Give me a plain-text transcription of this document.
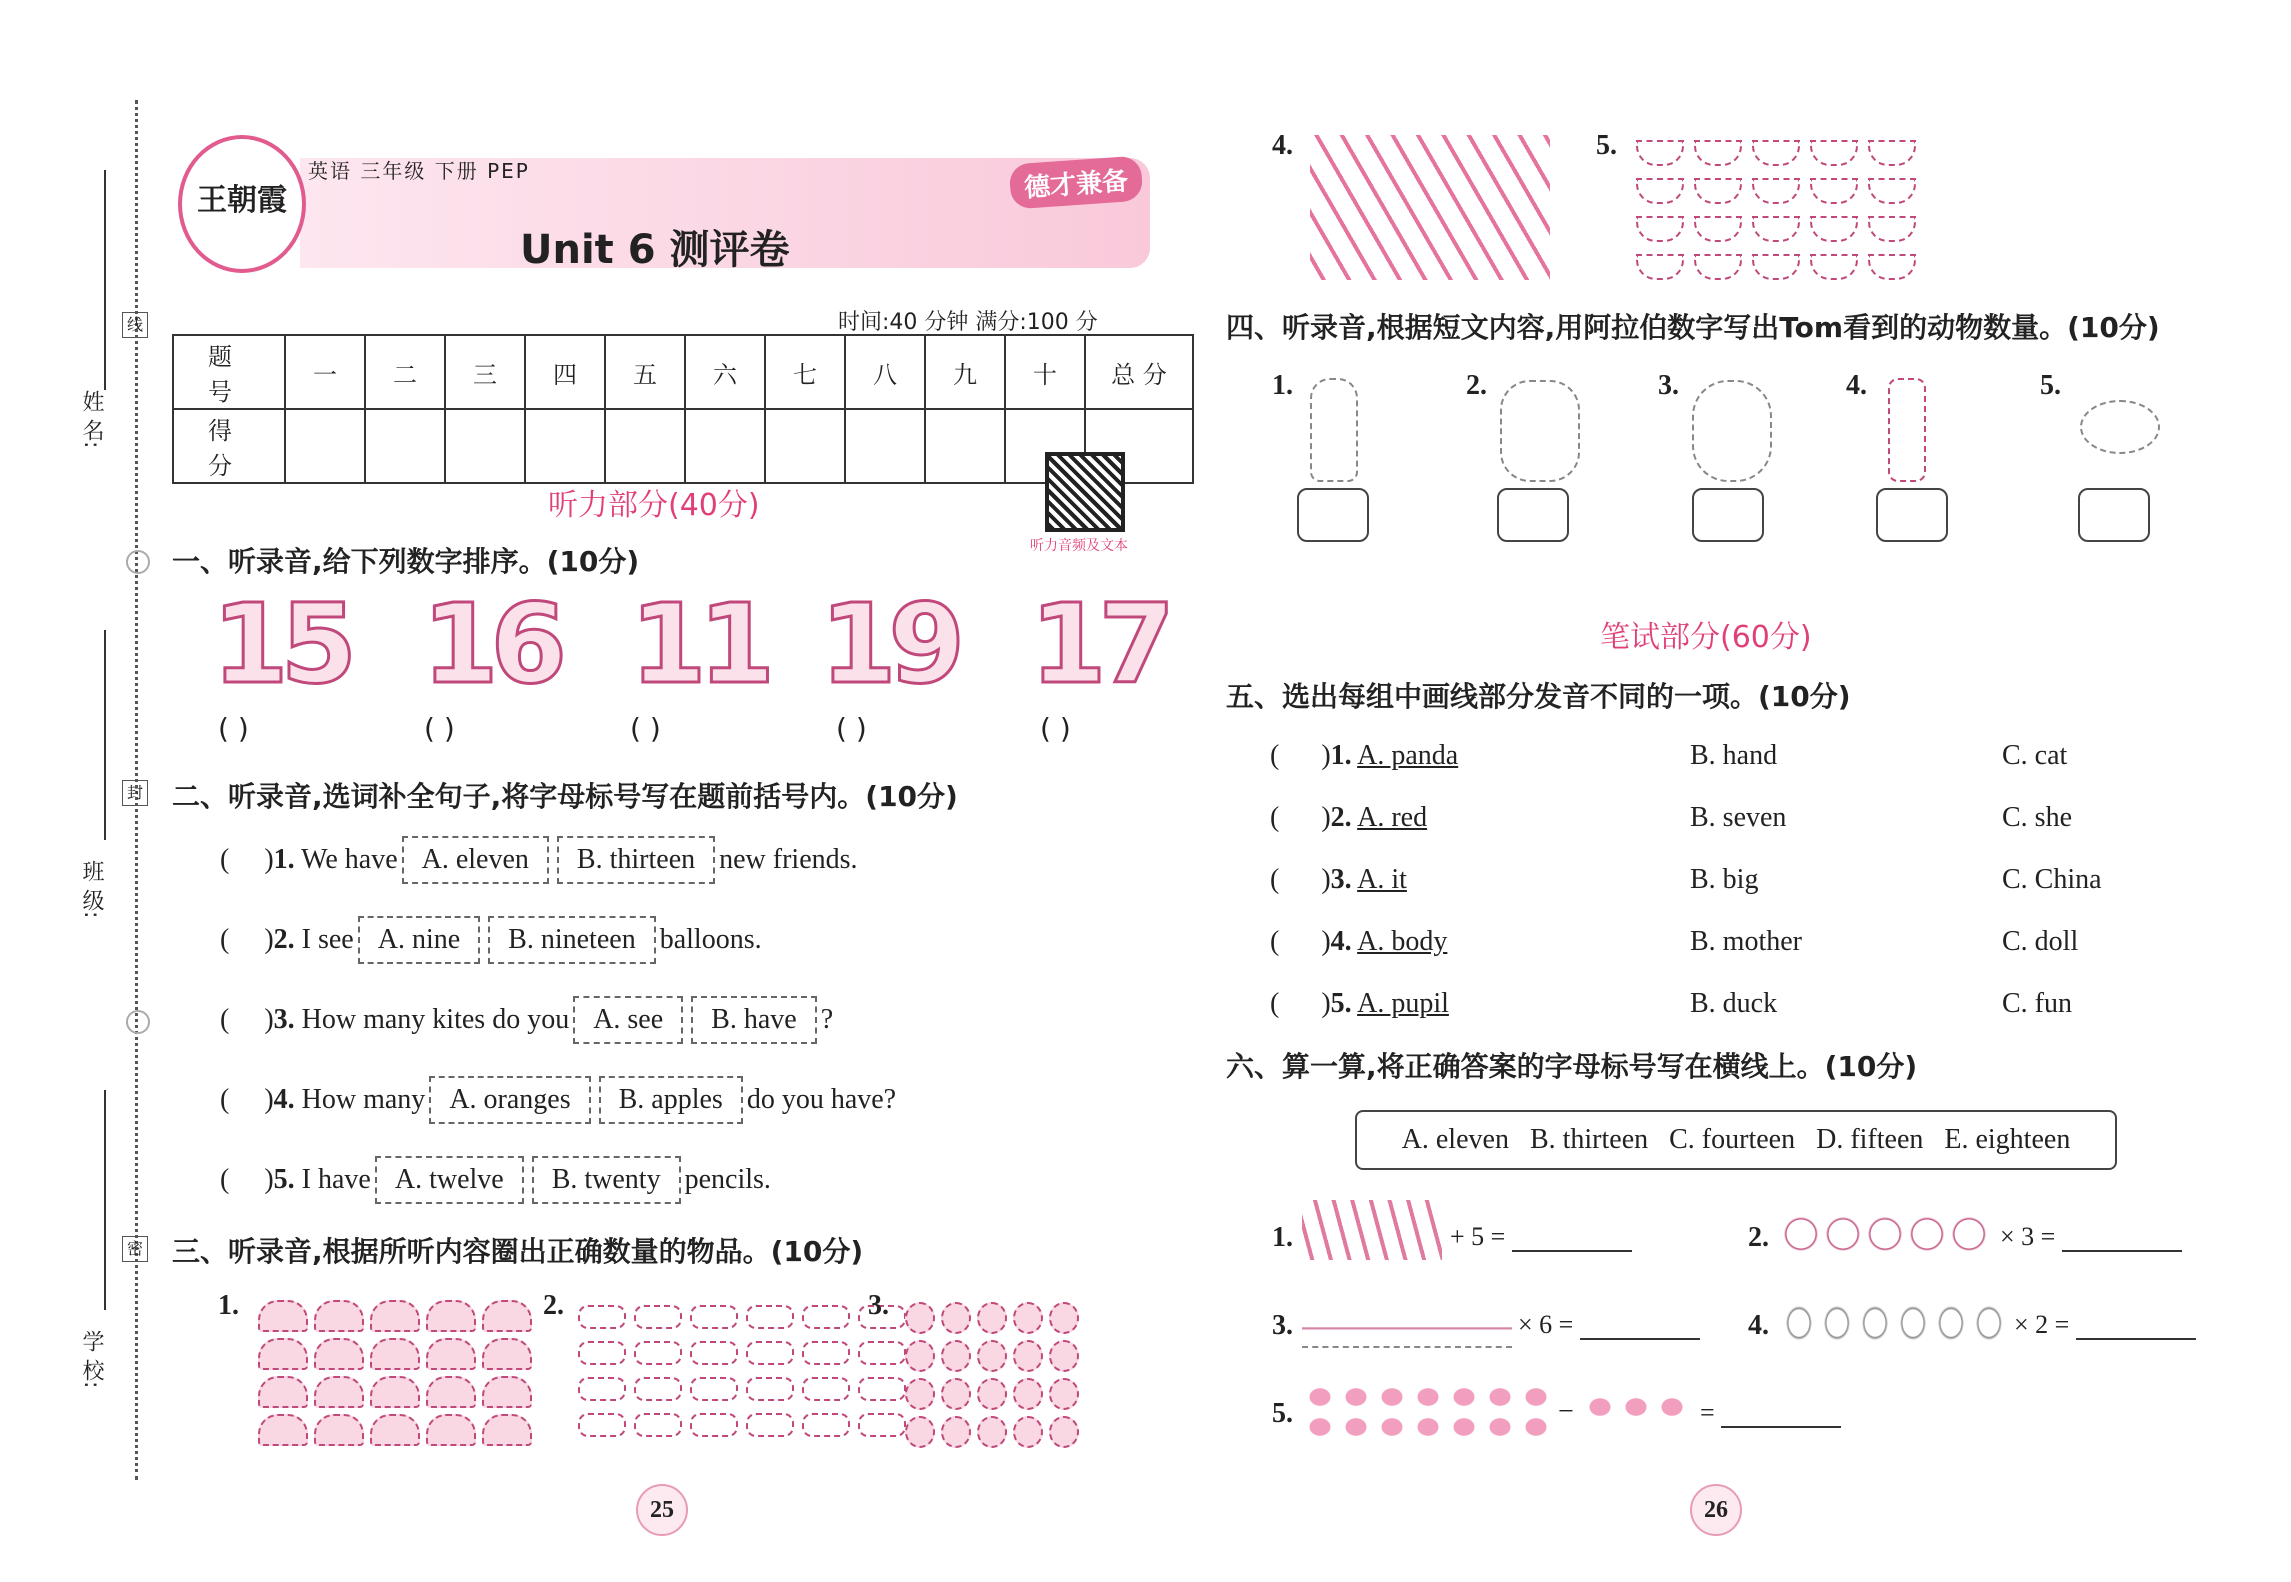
姓 名:
线
班 级:
封
学 校:
密
王朝霞
英语 三年级 下册 PEP	德才兼备
Unit 6 测评卷
时间:40 分钟 满分:100 分
题 号	一	二	三	四	五	六	七	八	九	十	总 分
得 分											
听力音频及文本
听力部分(40分)
一、听录音,给下列数字排序。(10分)
15 16 11 19 17
( )	( )	( )	( )	( )
二、听录音,选词补全句子,将字母标号写在题前括号内。(10分)
(     )1. We have A. eleven B. thirteen new friends.
(     )2. I see A. nine B. nineteen balloons.
(     )3. How many kites do you A. see B. have ?
(     )4. How many A. oranges B. apples do you have?
(     )5. I have A. twelve B. twenty pencils.
三、听录音,根据所听内容圈出正确数量的物品。(10分)
1.	2.	3.
25
4.	5.
四、听录音,根据短文内容,用阿拉伯数字写出Tom看到的动物数量。(10分)
1.	2.	3.	4.	5.
笔试部分(60分)
五、选出每组中画线部分发音不同的一项。(10分)
(      )1. A. panda	B. hand	C. cat
(      )2. A. red	B. seven	C. she
(      )3. A. it	B. big	C. China
(      )4. A. body	B. mother	C. doll
(      )5. A. pupil	B. duck	C. fun
六、算一算,将正确答案的字母标号写在横线上。(10分)
A. eleven   B. thirteen   C. fourteen   D. fifteen   E. eighteen
1.	+ 5 =	2.	× 3 =
3.	× 6 =	4.	× 2 =
5.	−	=
26
